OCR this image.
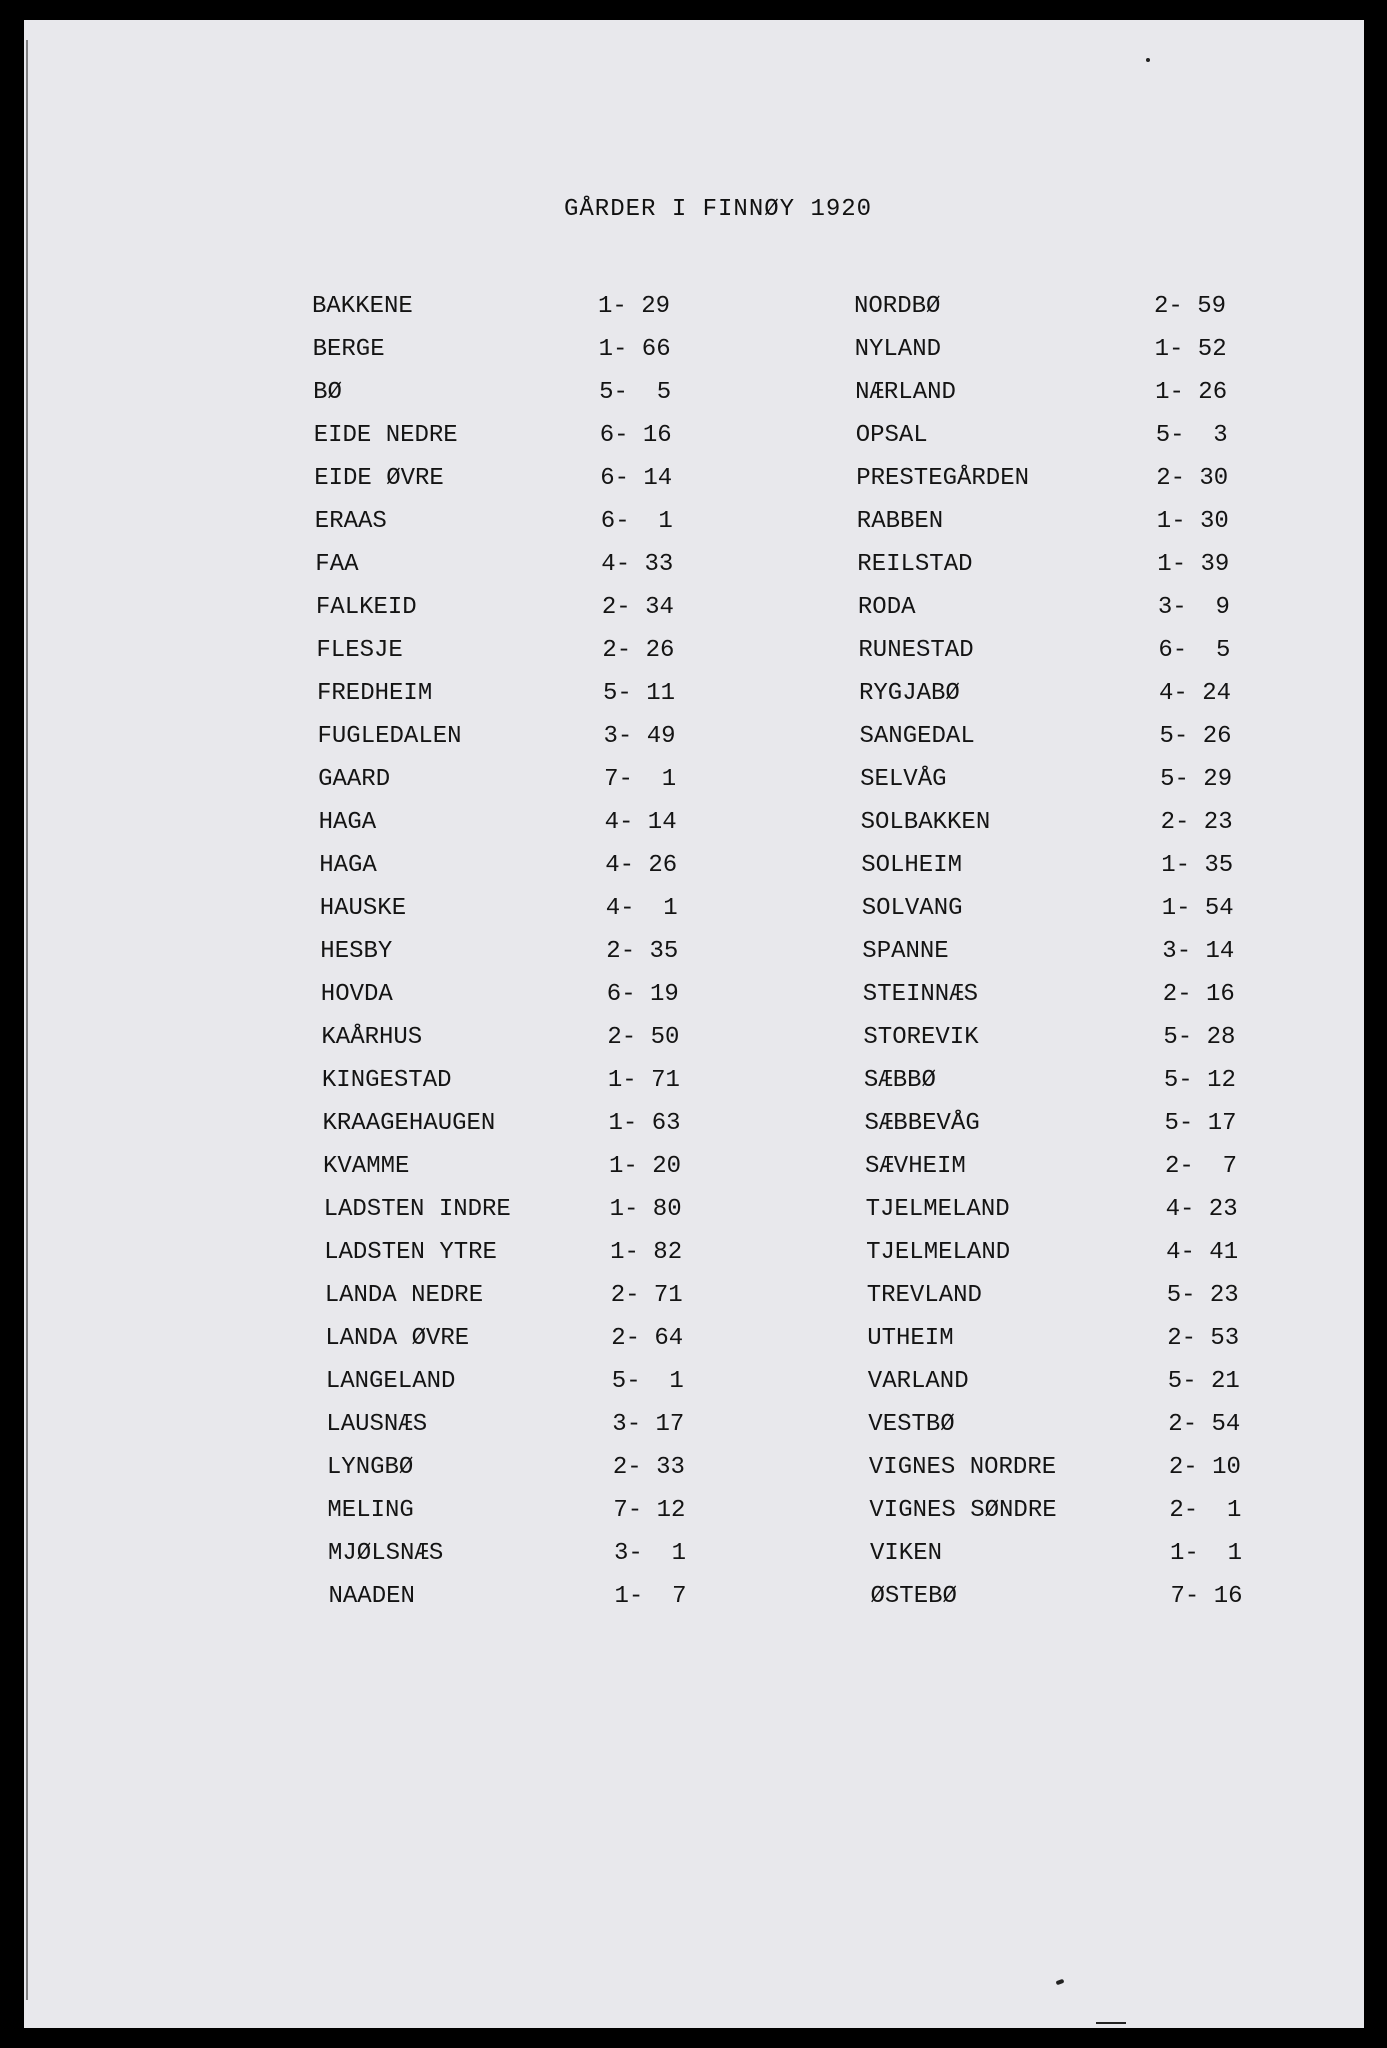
GÅRDER I FINNØY 1920
BAKKENE	1- 29
BERGE	1- 66
BØ	5-  5
EIDE NEDRE	6- 16
EIDE ØVRE	6- 14
ERAAS	6-  1
FAA	4- 33
FALKEID	2- 34
FLESJE	2- 26
FREDHEIM	5- 11
FUGLEDALEN	3- 49
GAARD	7-  1
HAGA	4- 14
HAGA	4- 26
HAUSKE	4-  1
HESBY	2- 35
HOVDA	6- 19
KAÅRHUS	2- 50
KINGESTAD	1- 71
KRAAGEHAUGEN	1- 63
KVAMME	1- 20
LADSTEN INDRE	1- 80
LADSTEN YTRE	1- 82
LANDA NEDRE	2- 71
LANDA ØVRE	2- 64
LANGELAND	5-  1
LAUSNÆS	3- 17
LYNGBØ	2- 33
MELING	7- 12
MJØLSNÆS	3-  1
NAADEN	1-  7
NORDBØ	2- 59
NYLAND	1- 52
NÆRLAND	1- 26
OPSAL	5-  3
PRESTEGÅRDEN	2- 30
RABBEN	1- 30
REILSTAD	1- 39
RODA	3-  9
RUNESTAD	6-  5
RYGJABØ	4- 24
SANGEDAL	5- 26
SELVÅG	5- 29
SOLBAKKEN	2- 23
SOLHEIM	1- 35
SOLVANG	1- 54
SPANNE	3- 14
STEINNÆS	2- 16
STOREVIK	5- 28
SÆBBØ	5- 12
SÆBBEVÅG	5- 17
SÆVHEIM	2-  7
TJELMELAND	4- 23
TJELMELAND	4- 41
TREVLAND	5- 23
UTHEIM	2- 53
VARLAND	5- 21
VESTBØ	2- 54
VIGNES NORDRE	2- 10
VIGNES SØNDRE	2-  1
VIKEN	1-  1
ØSTEBØ	7- 16
